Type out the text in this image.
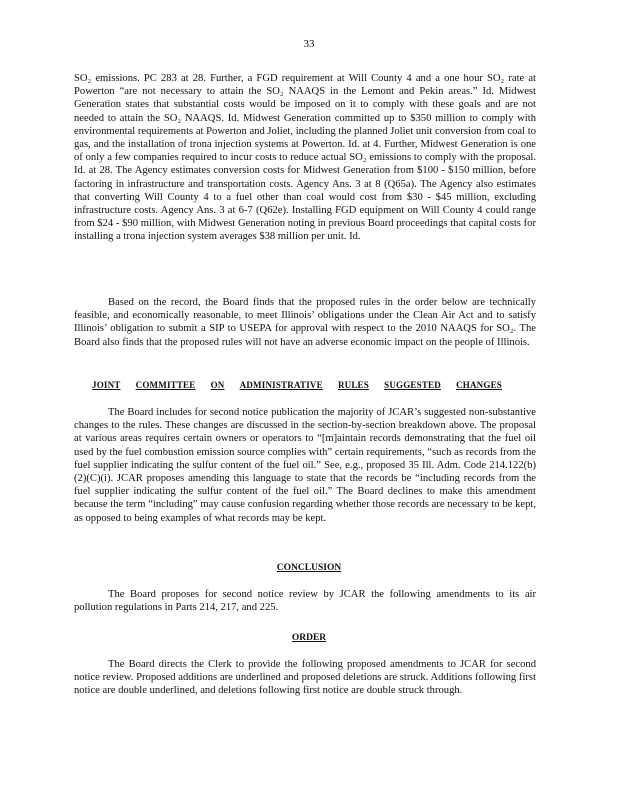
33

SO₂ emissions. PC 283 at 28. Further, a FGD requirement at Will County 4 and a one hour SO₂ rate at Powerton “are not necessary to attain the SO₂ NAAQS in the Lemont and Pekin areas.” Id. Midwest Generation states that substantial costs would be imposed on it to comply with these goals and are not needed to attain the SO₂ NAAQS. Id. Midwest Generation committed up to $350 million to comply with environmental requirements at Powerton and Joliet, including the planned Joliet unit conversion from coal to gas, and the installation of trona injection systems at Powerton. Id. at 4. Further, Midwest Generation is one of only a few companies required to incur costs to reduce actual SO₂ emissions to comply with the proposal. Id. at 28. The Agency estimates conversion costs for Midwest Generation from $100 - $150 million, before factoring in infrastructure and transportation costs. Agency Ans. 3 at 8 (Q65a). The Agency also estimates that converting Will County 4 to a fuel other than coal would cost from $30 - $45 million, excluding infrastructure costs. Agency Ans. 3 at 6-7 (Q62e). Installing FGD equipment on Will County 4 could range from $24 - $90 million, with Midwest Generation noting in previous Board proceedings that capital costs for installing a trona injection system averages $38 million per unit. Id.

Based on the record, the Board finds that the proposed rules in the order below are technically feasible, and economically reasonable, to meet Illinois’ obligations under the Clean Air Act and to satisfy Illinois’ obligation to submit a SIP to USEPA for approval with respect to the 2010 NAAQS for SO₂. The Board also finds that the proposed rules will not have an adverse economic impact on the people of Illinois.

JOINT COMMITTEE ON ADMINISTRATIVE RULES SUGGESTED CHANGES

The Board includes for second notice publication the majority of JCAR’s suggested non-substantive changes to the rules. These changes are discussed in the section-by-section breakdown above. The proposal at various areas requires certain owners or operators to “[m]aintain records demonstrating that the fuel oil used by the fuel combustion emission source complies with” certain requirements, “such as records from the fuel supplier indicating the sulfur content of the fuel oil.” See, e.g., proposed 35 Ill. Adm. Code 214.122(b)(2)(C)(i). JCAR proposes amending this language to state that the records be “including records from the fuel supplier indicating the sulfur content of the fuel oil.” The Board declines to make this amendment because the term “including” may cause confusion regarding whether those records are necessary to be kept, as opposed to being examples of what records may be kept.

CONCLUSION

The Board proposes for second notice review by JCAR the following amendments to its air pollution regulations in Parts 214, 217, and 225.

ORDER

The Board directs the Clerk to provide the following proposed amendments to JCAR for second notice review. Proposed additions are underlined and proposed deletions are struck. Additions following first notice are double underlined, and deletions following first notice are double struck through.
